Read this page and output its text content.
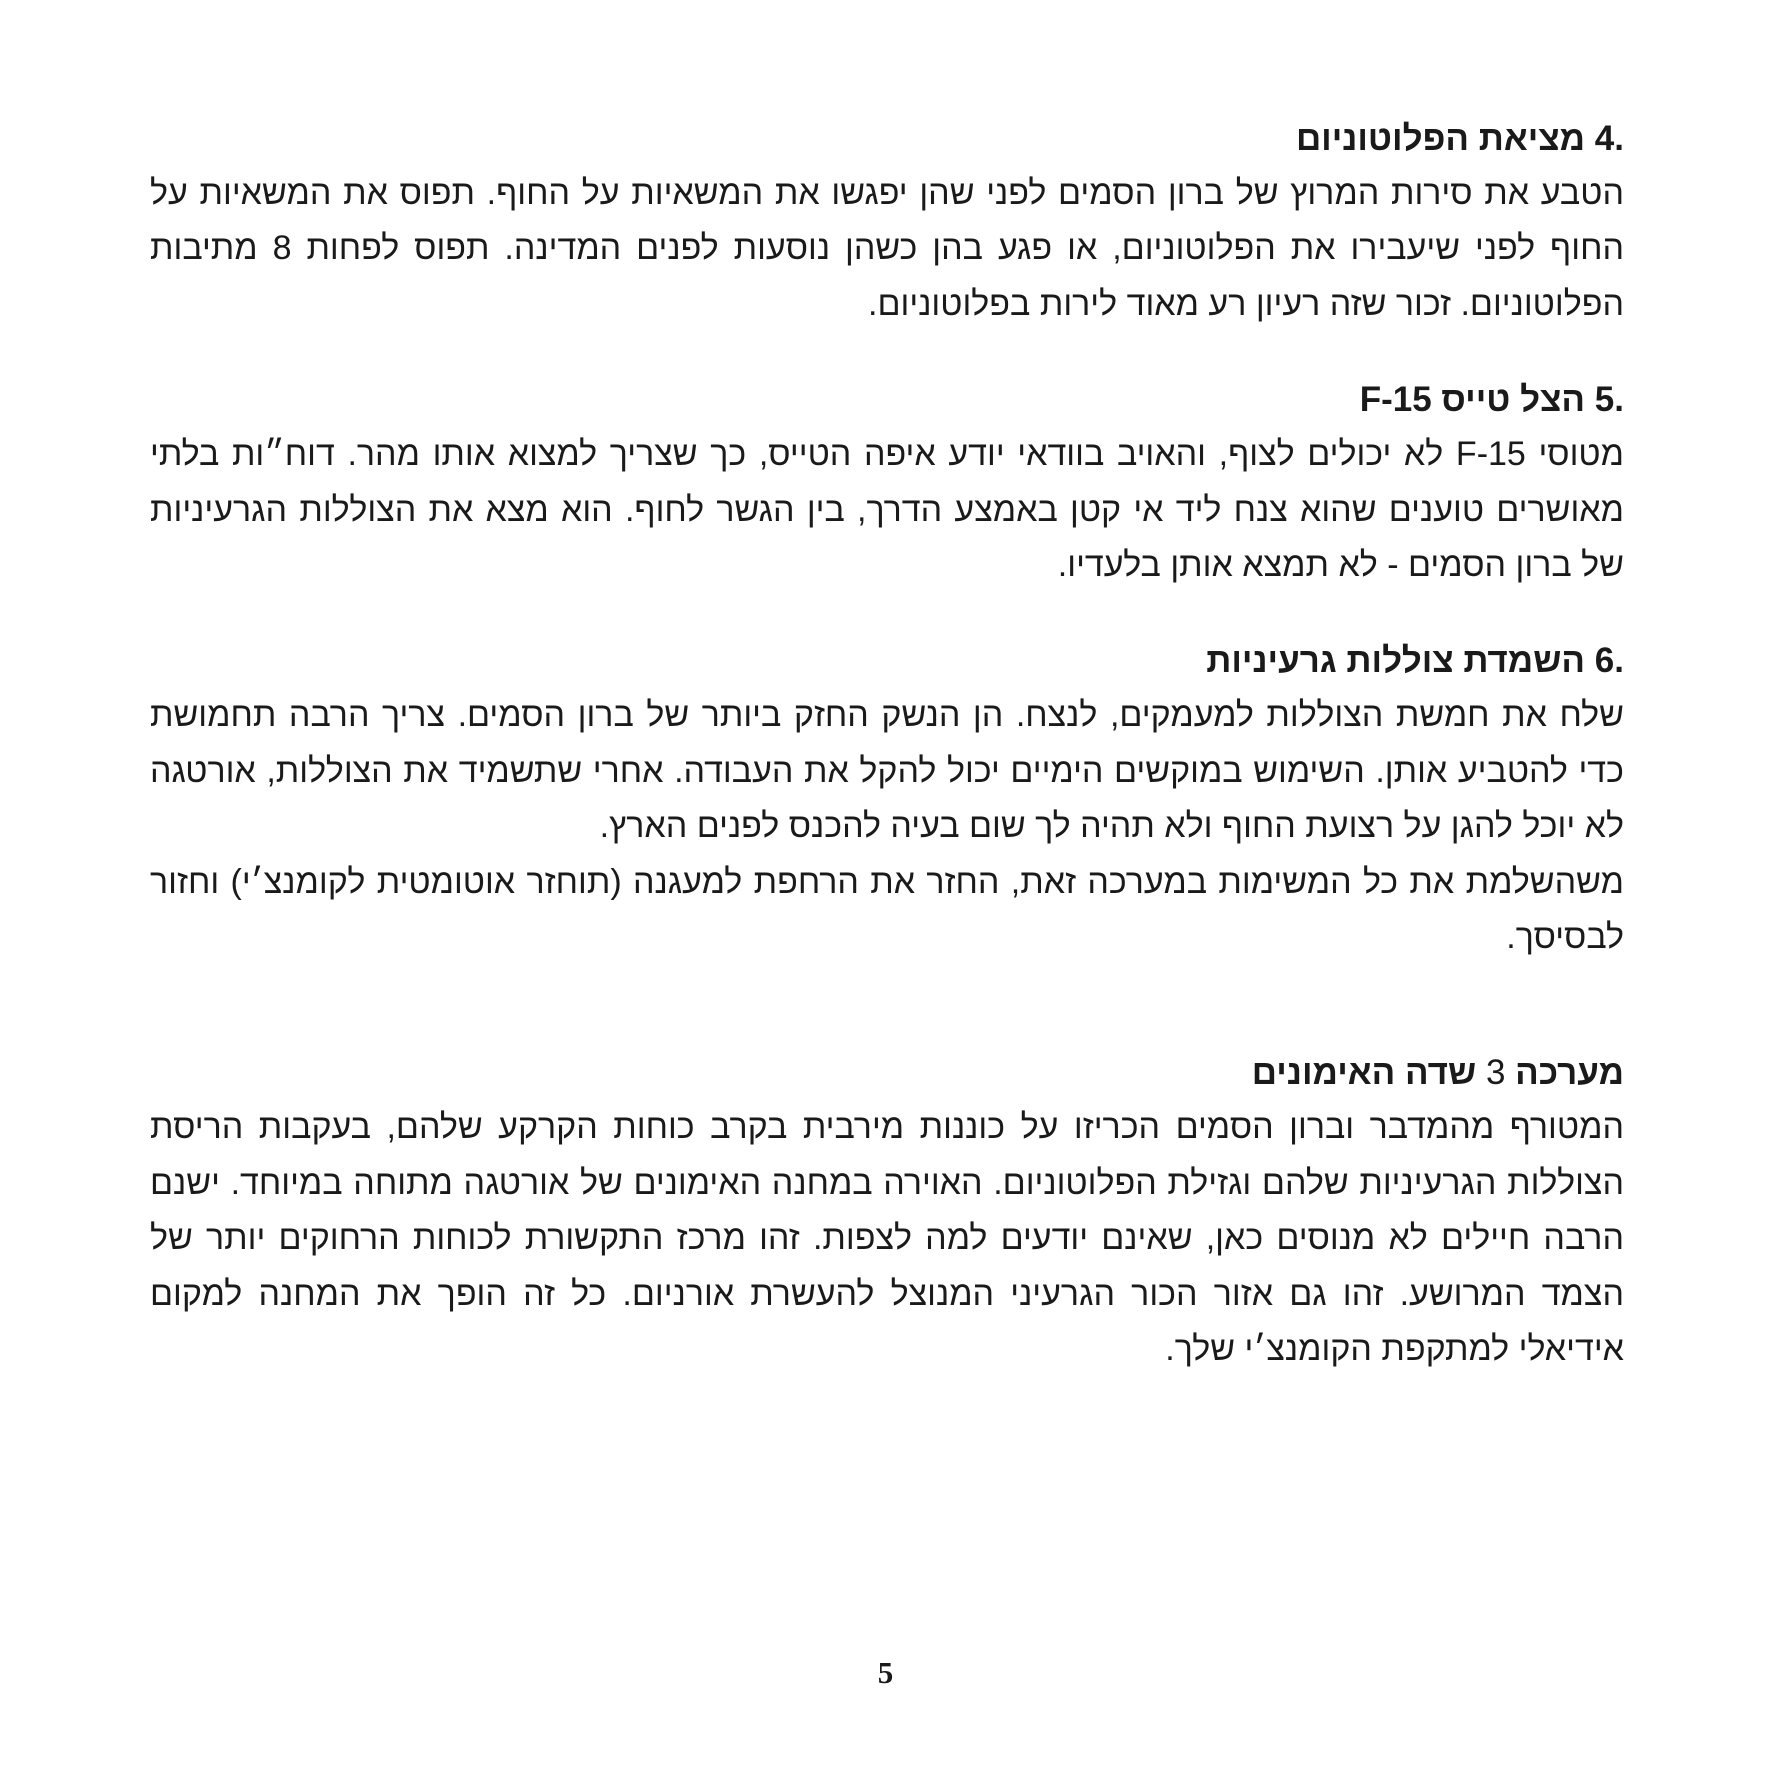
4. מציאת הפלוטוניום

הטבע את סירות המרוץ של ברון הסמים לפני שהן יפגשו את המשאיות על החוף. תפוס את המשאיות על החוף לפני שיעבירו את הפלוטוניום, או פגע בהן כשהן נוסעות לפנים המדינה. תפוס לפחות 8 מתיבות הפלוטוניום. זכור שזה רעיון רע מאוד לירות בפלוטוניום.

5. הצל טייס F-15

מטוסי F-15 לא יכולים לצוף, והאויב בוודאי יודע איפה הטייס, כך שצריך למצוא אותו מהר. דוח״ות בלתי מאושרים טוענים שהוא צנח ליד אי קטן באמצע הדרך, בין הגשר לחוף. הוא מצא את הצוללות הגרעיניות של ברון הסמים - לא תמצא אותן בלעדיו.

6. השמדת צוללות גרעיניות

שלח את חמשת הצוללות למעמקים, לנצח. הן הנשק החזק ביותר של ברון הסמים. צריך הרבה תחמושת כדי להטביע אותן. השימוש במוקשים הימיים יכול להקל את העבודה. אחרי שתשמיד את הצוללות, אורטגה לא יוכל להגן על רצועת החוף ולא תהיה לך שום בעיה להכנס לפנים הארץ.

משהשלמת את כל המשימות במערכה זאת, החזר את הרחפת למעגנה (תוחזר אוטומטית לקומנצ׳י) וחזור לבסיסך.

מערכה 3 שדה האימונים

המטורף מהמדבר וברון הסמים הכריזו על כוננות מירבית בקרב כוחות הקרקע שלהם, בעקבות הריסת הצוללות הגרעיניות שלהם וגזילת הפלוטוניום. האוירה במחנה האימונים של אורטגה מתוחה במיוחד. ישנם הרבה חיילים לא מנוסים כאן, שאינם יודעים למה לצפות. זהו מרכז התקשורת לכוחות הרחוקים יותר של הצמד המרושע. זהו גם אזור הכור הגרעיני המנוצל להעשרת אורניום. כל זה הופך את המחנה למקום אידיאלי למתקפת הקומנצ׳י שלך.

5
